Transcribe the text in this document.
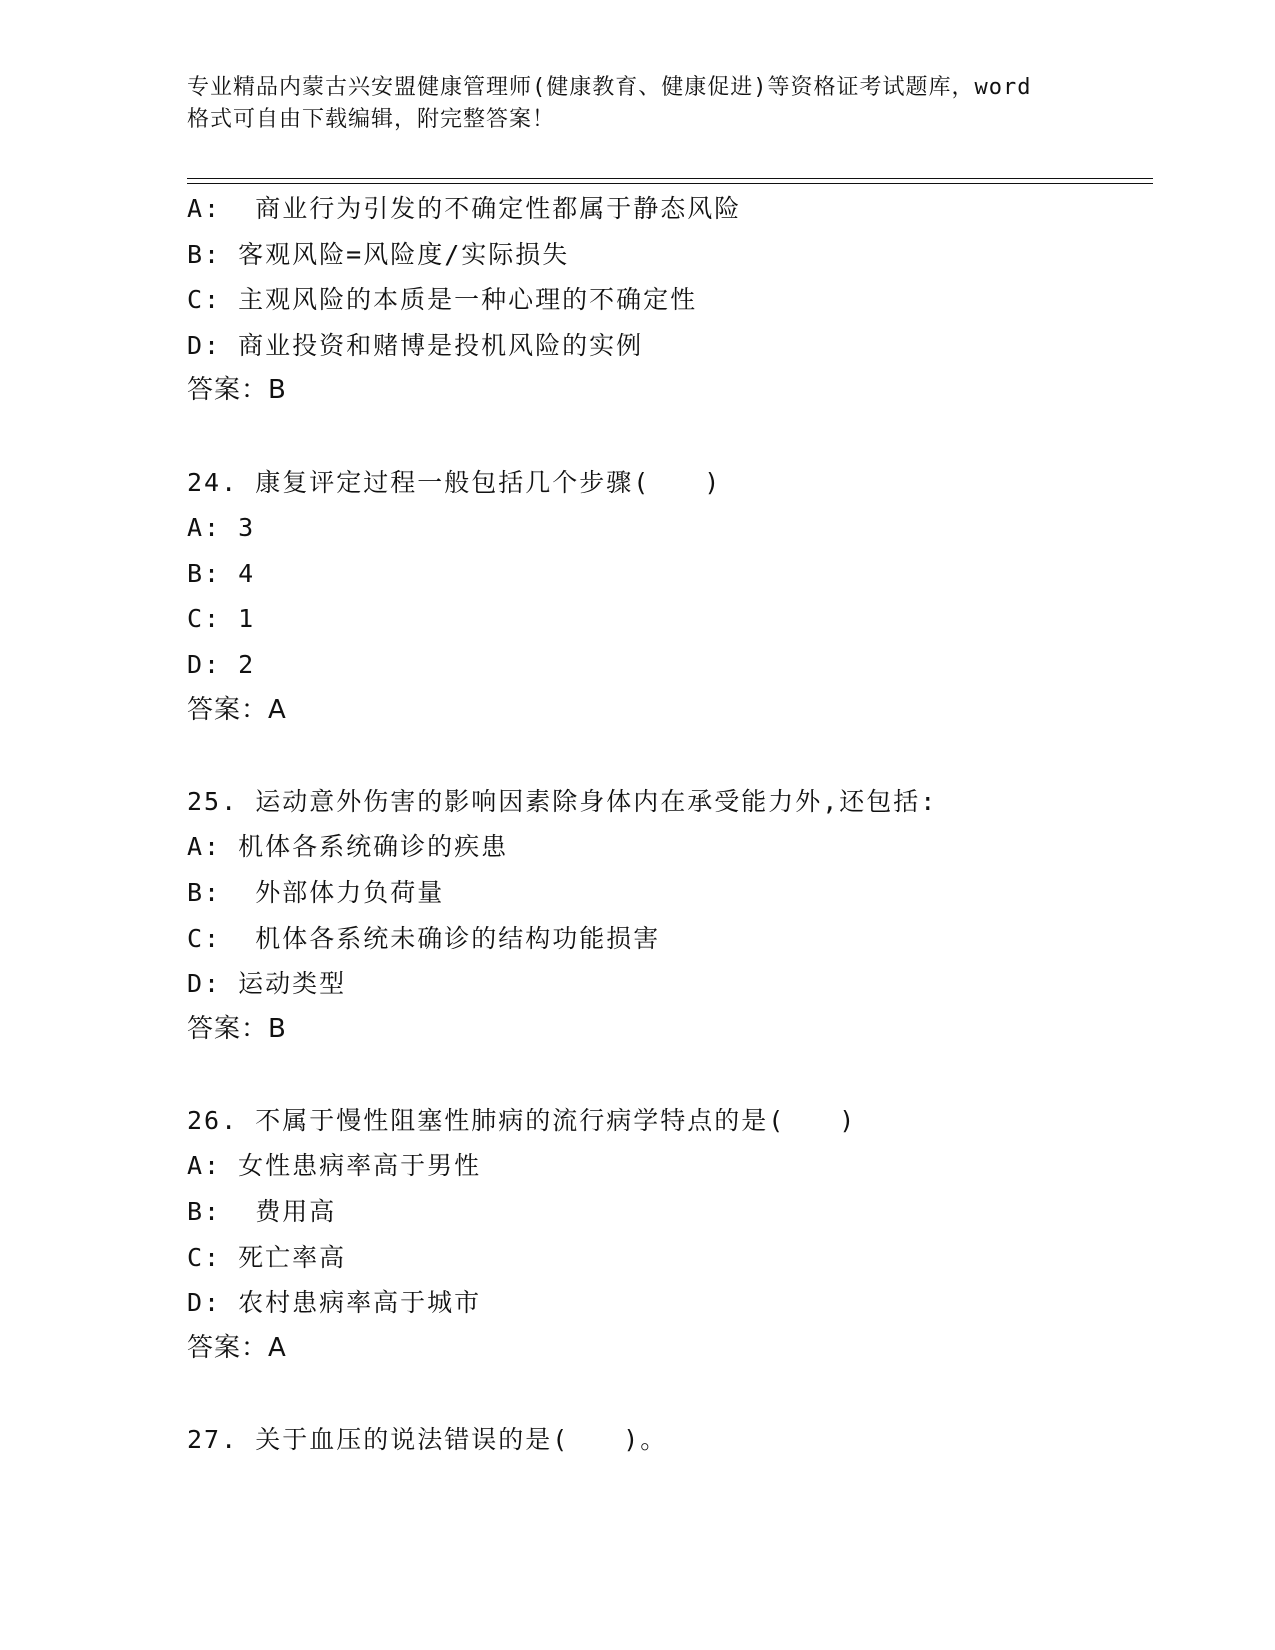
专业精品内蒙古兴安盟健康管理师(健康教育、健康促进)等资格证考试题库，word
格式可自由下载编辑，附完整答案！
A:  商业行为引发的不确定性都属于静态风险
B: 客观风险=风险度/实际损失
C: 主观风险的本质是一种心理的不确定性
D: 商业投资和赌博是投机风险的实例
答案：B
24. 康复评定过程一般包括几个步骤(　　)
A: 3
B: 4
C: 1
D: 2
答案：A
25. 运动意外伤害的影响因素除身体内在承受能力外,还包括:
A: 机体各系统确诊的疾患
B:  外部体力负荷量
C:  机体各系统未确诊的结构功能损害
D: 运动类型
答案：B
26. 不属于慢性阻塞性肺病的流行病学特点的是(　　)
A: 女性患病率高于男性
B:  费用高
C: 死亡率高
D: 农村患病率高于城市
答案：A
27. 关于血压的说法错误的是(　　)。
